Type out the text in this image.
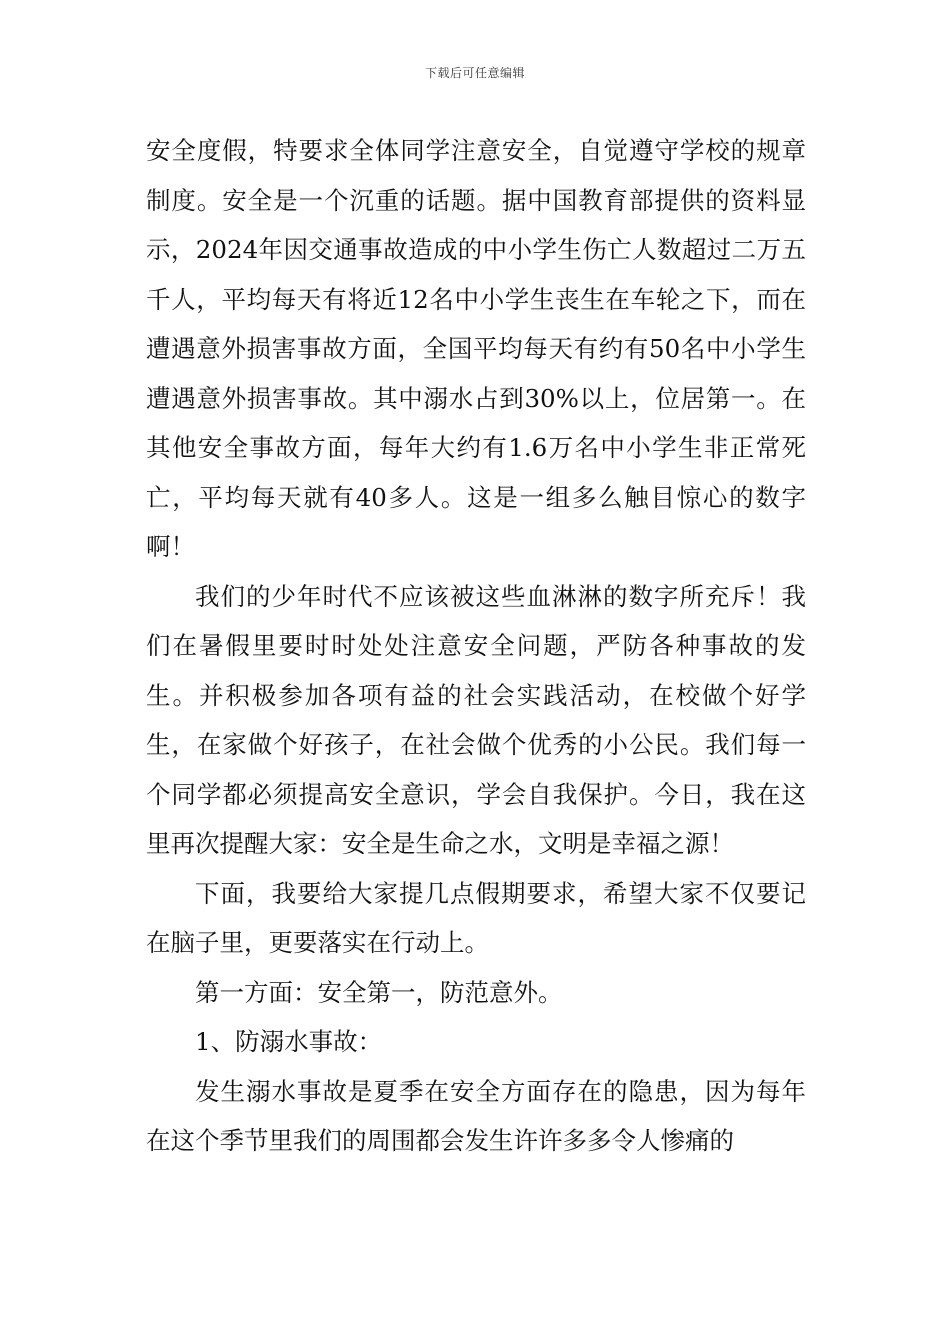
下载后可任意编辑

安全度假，特要求全体同学注意安全，自觉遵守学校的规章制度。安全是一个沉重的话题。据中国教育部提供的资料显示，2024年因交通事故造成的中小学生伤亡人数超过二万五千人，平均每天有将近12名中小学生丧生在车轮之下，而在遭遇意外损害事故方面，全国平均每天有约有50名中小学生遭遇意外损害事故。其中溺水占到30%以上，位居第一。在其他安全事故方面，每年大约有1.6万名中小学生非正常死亡，平均每天就有40多人。这是一组多么触目惊心的数字啊！

我们的少年时代不应该被这些血淋淋的数字所充斥！我们在暑假里要时时处处注意安全问题，严防各种事故的发生。并积极参加各项有益的社会实践活动，在校做个好学生，在家做个好孩子，在社会做个优秀的小公民。我们每一个同学都必须提高安全意识，学会自我保护。今日，我在这里再次提醒大家：安全是生命之水，文明是幸福之源！

下面，我要给大家提几点假期要求，希望大家不仅要记在脑子里，更要落实在行动上。

第一方面：安全第一，防范意外。

1、防溺水事故：

发生溺水事故是夏季在安全方面存在的隐患，因为每年在这个季节里我们的周围都会发生许许多多令人惨痛的
